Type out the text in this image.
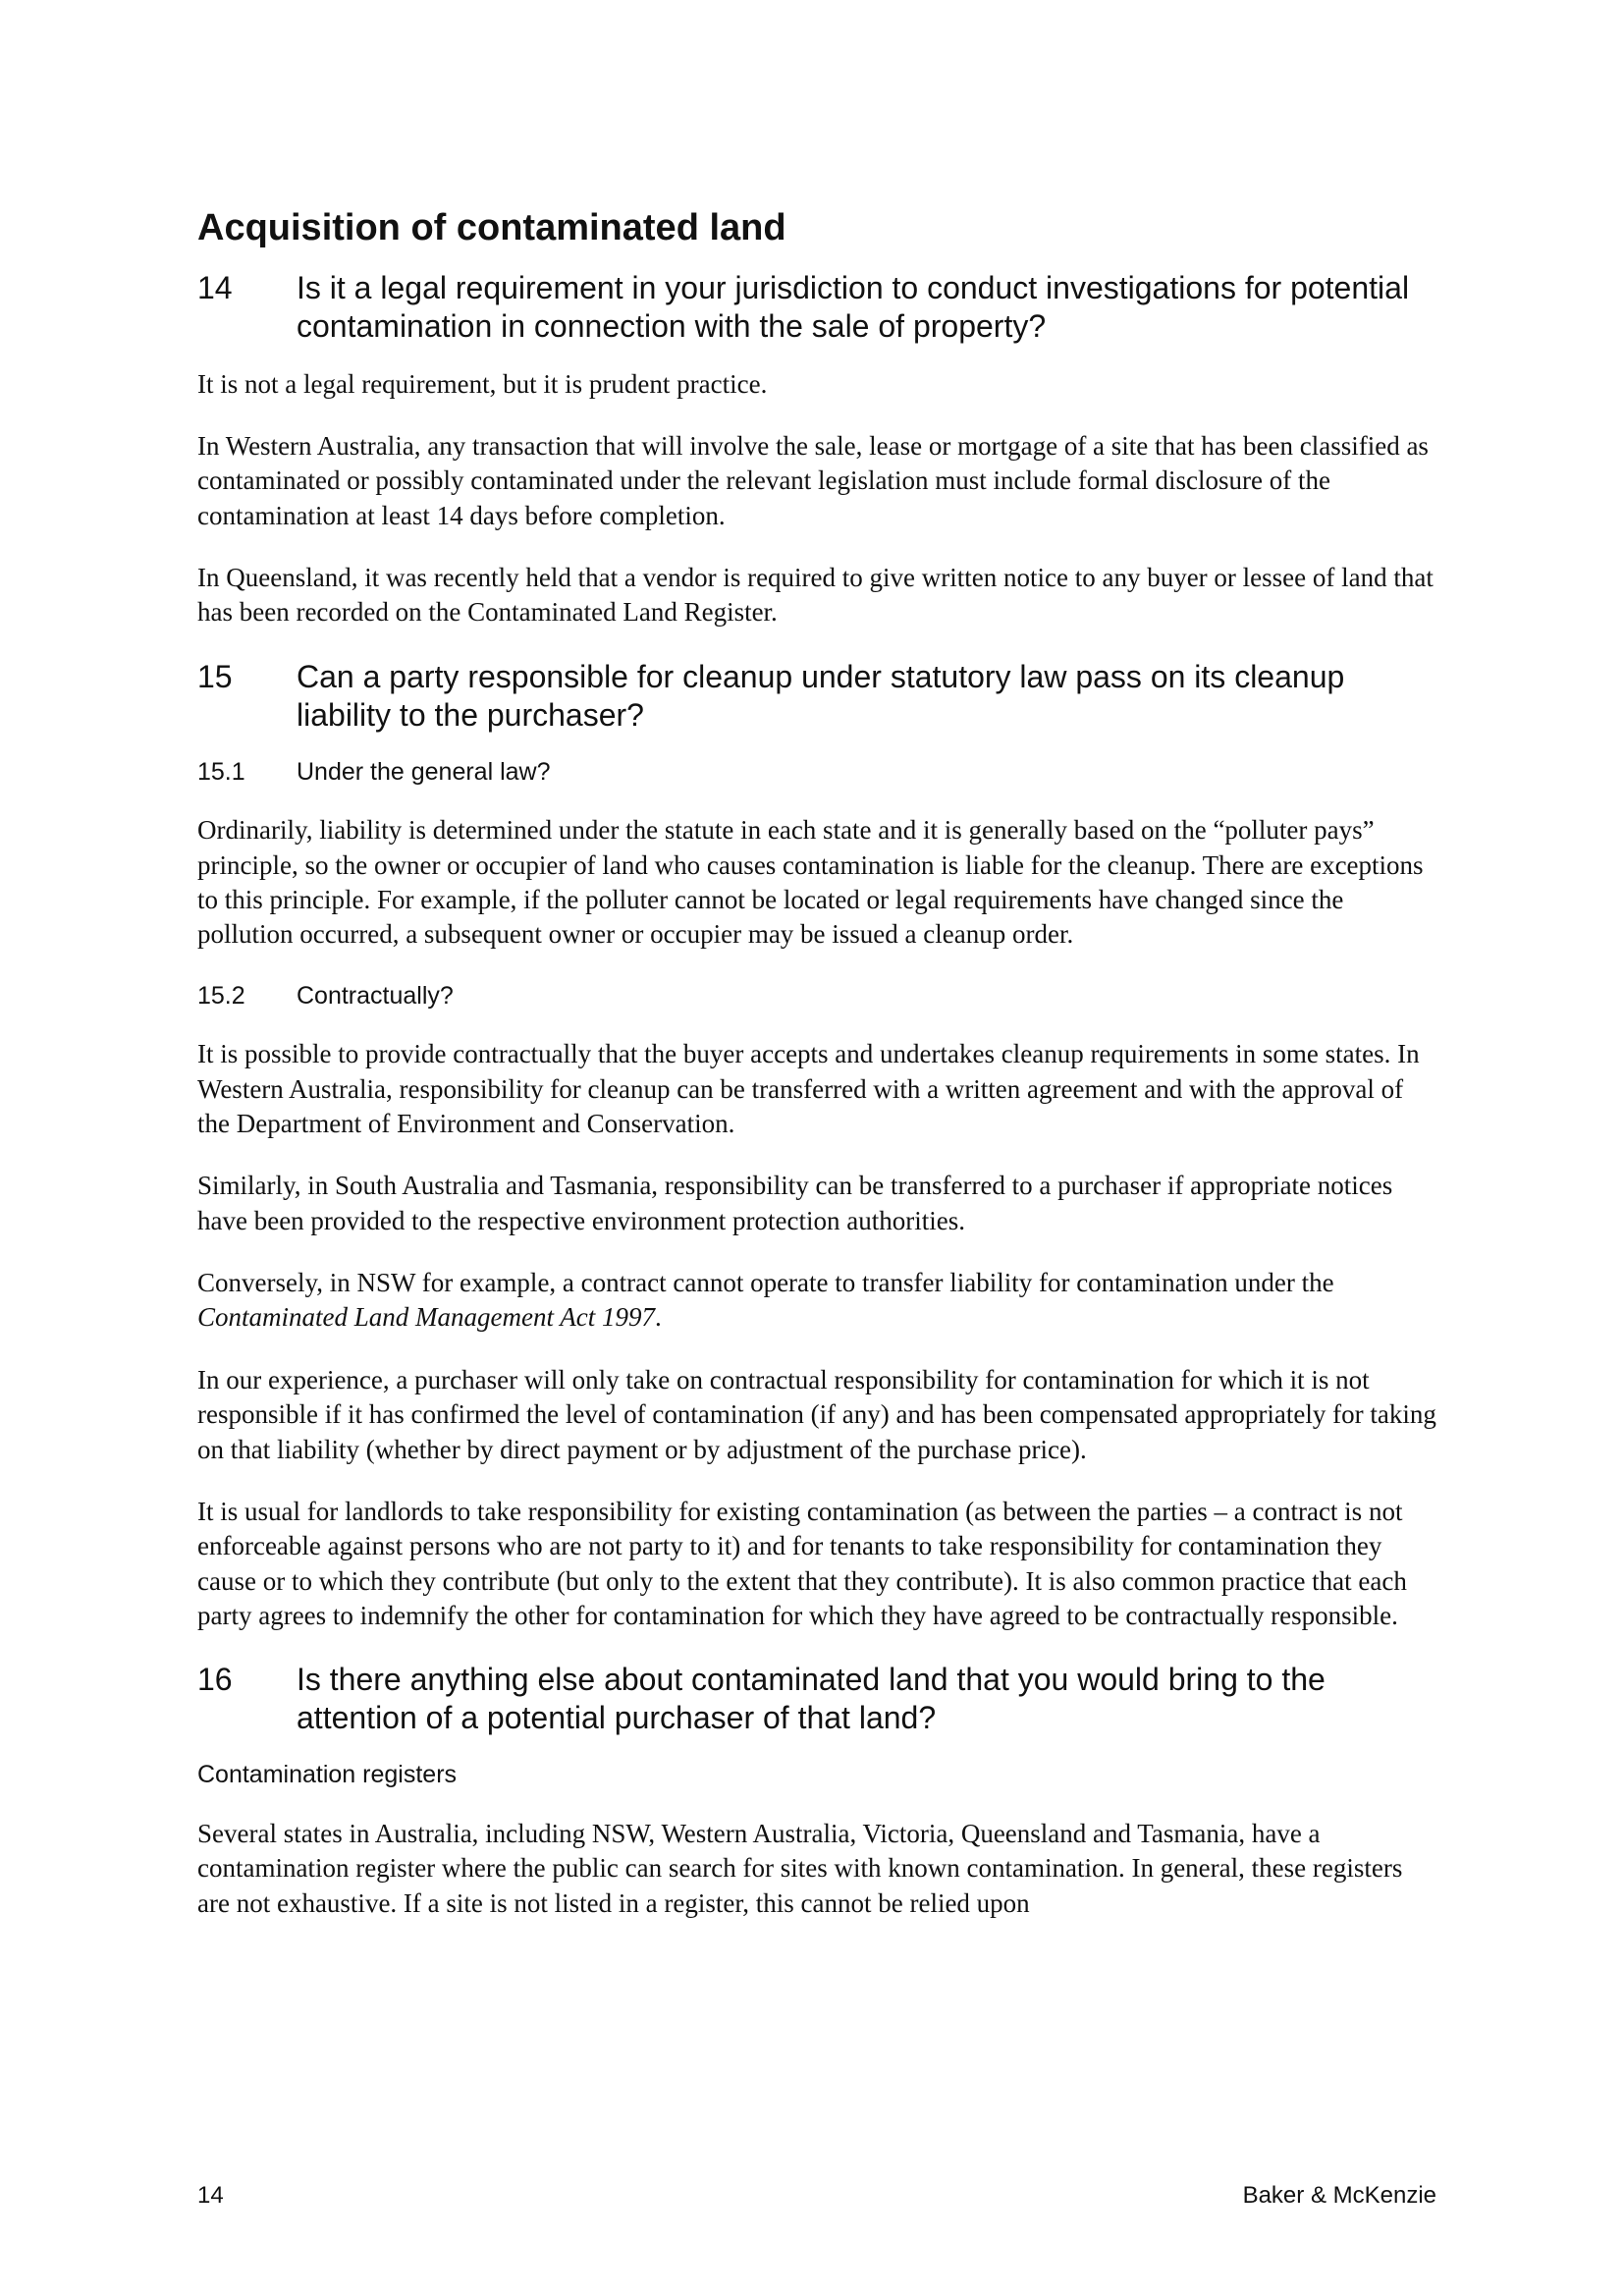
Acquisition of contaminated land
14	Is it a legal requirement in your jurisdiction to conduct investigations for potential contamination in connection with the sale of property?

It is not a legal requirement, but it is prudent practice.

In Western Australia, any transaction that will involve the sale, lease or mortgage of a site that has been classified as contaminated or possibly contaminated under the relevant legislation must include formal disclosure of the contamination at least 14 days before completion.

In Queensland, it was recently held that a vendor is required to give written notice to any buyer or lessee of land that has been recorded on the Contaminated Land Register.

15	Can a party responsible for cleanup under statutory law pass on its cleanup liability to the purchaser?
15.1	Under the general law?

Ordinarily, liability is determined under the statute in each state and it is generally based on the “polluter pays” principle, so the owner or occupier of land who causes contamination is liable for the cleanup. There are exceptions to this principle. For example, if the polluter cannot be located or legal requirements have changed since the pollution occurred, a subsequent owner or occupier may be issued a cleanup order.

15.2	Contractually?

It is possible to provide contractually that the buyer accepts and undertakes cleanup requirements in some states. In Western Australia, responsibility for cleanup can be transferred with a written agreement and with the approval of the Department of Environment and Conservation.

Similarly, in South Australia and Tasmania, responsibility can be transferred to a purchaser if appropriate notices have been provided to the respective environment protection authorities.

Conversely, in NSW for example, a contract cannot operate to transfer liability for contamination under the Contaminated Land Management Act 1997.

In our experience, a purchaser will only take on contractual responsibility for contamination for which it is not responsible if it has confirmed the level of contamination (if any) and has been compensated appropriately for taking on that liability (whether by direct payment or by adjustment of the purchase price).

It is usual for landlords to take responsibility for existing contamination (as between the parties – a contract is not enforceable against persons who are not party to it) and for tenants to take responsibility for contamination they cause or to which they contribute (but only to the extent that they contribute). It is also common practice that each party agrees to indemnify the other for contamination for which they have agreed to be contractually responsible.

16	Is there anything else about contaminated land that you would bring to the attention of a potential purchaser of that land?
Contamination registers

Several states in Australia, including NSW, Western Australia, Victoria, Queensland and Tasmania, have a contamination register where the public can search for sites with known contamination. In general, these registers are not exhaustive. If a site is not listed in a register, this cannot be relied upon

14	Baker & McKenzie
